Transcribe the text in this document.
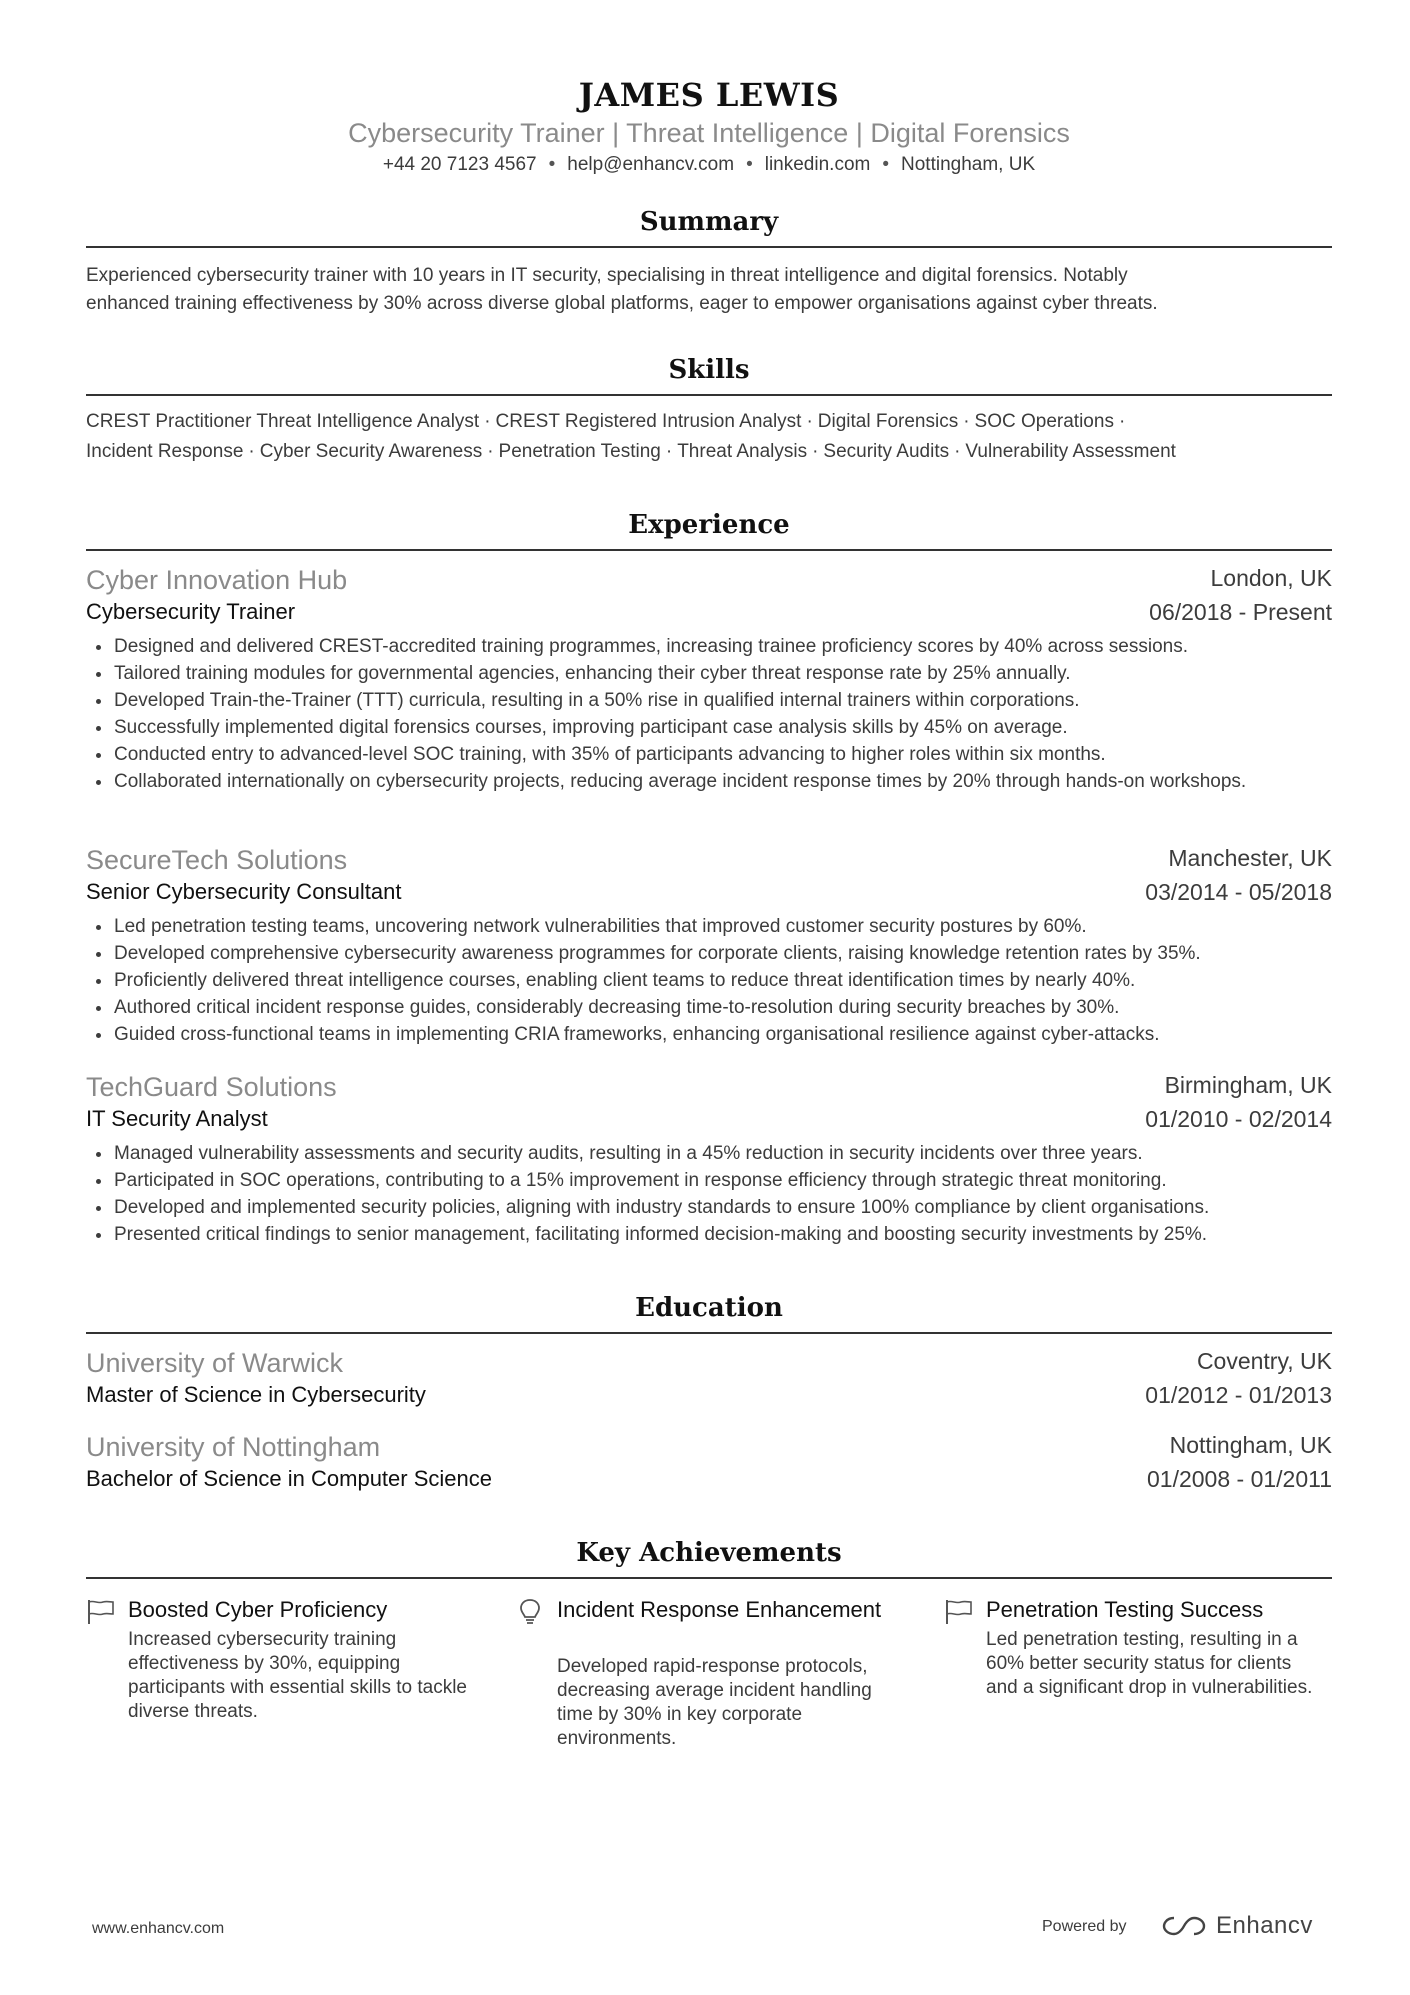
JAMES LEWIS
Cybersecurity Trainer | Threat Intelligence | Digital Forensics
+44 20 7123 4567 • help@enhancv.com • linkedin.com • Nottingham, UK
Summary
Experienced cybersecurity trainer with 10 years in IT security, specialising in threat intelligence and digital forensics. Notably
enhanced training effectiveness by 30% across diverse global platforms, eager to empower organisations against cyber threats.
Skills
CREST Practitioner Threat Intelligence Analyst · CREST Registered Intrusion Analyst · Digital Forensics · SOC Operations ·
Incident Response · Cyber Security Awareness · Penetration Testing · Threat Analysis · Security Audits · Vulnerability Assessment
Experience
Cyber Innovation Hub	London, UK
Cybersecurity Trainer	06/2018 - Present
Designed and delivered CREST-accredited training programmes, increasing trainee proficiency scores by 40% across sessions.
Tailored training modules for governmental agencies, enhancing their cyber threat response rate by 25% annually.
Developed Train-the-Trainer (TTT) curricula, resulting in a 50% rise in qualified internal trainers within corporations.
Successfully implemented digital forensics courses, improving participant case analysis skills by 45% on average.
Conducted entry to advanced-level SOC training, with 35% of participants advancing to higher roles within six months.
Collaborated internationally on cybersecurity projects, reducing average incident response times by 20% through hands-on workshops.
SecureTech Solutions	Manchester, UK
Senior Cybersecurity Consultant	03/2014 - 05/2018
Led penetration testing teams, uncovering network vulnerabilities that improved customer security postures by 60%.
Developed comprehensive cybersecurity awareness programmes for corporate clients, raising knowledge retention rates by 35%.
Proficiently delivered threat intelligence courses, enabling client teams to reduce threat identification times by nearly 40%.
Authored critical incident response guides, considerably decreasing time-to-resolution during security breaches by 30%.
Guided cross-functional teams in implementing CRIA frameworks, enhancing organisational resilience against cyber-attacks.
TechGuard Solutions	Birmingham, UK
IT Security Analyst	01/2010 - 02/2014
Managed vulnerability assessments and security audits, resulting in a 45% reduction in security incidents over three years.
Participated in SOC operations, contributing to a 15% improvement in response efficiency through strategic threat monitoring.
Developed and implemented security policies, aligning with industry standards to ensure 100% compliance by client organisations.
Presented critical findings to senior management, facilitating informed decision-making and boosting security investments by 25%.
Education
University of Warwick	Coventry, UK
Master of Science in Cybersecurity	01/2012 - 01/2013
University of Nottingham	Nottingham, UK
Bachelor of Science in Computer Science	01/2008 - 01/2011
Key Achievements
Boosted Cyber Proficiency
Increased cybersecurity training effectiveness by 30%, equipping participants with essential skills to tackle diverse threats.
Incident Response Enhancement
Developed rapid-response protocols, decreasing average incident handling time by 30% in key corporate environments.
Penetration Testing Success
Led penetration testing, resulting in a 60% better security status for clients and a significant drop in vulnerabilities.
www.enhancv.com	Powered by	Enhancv
